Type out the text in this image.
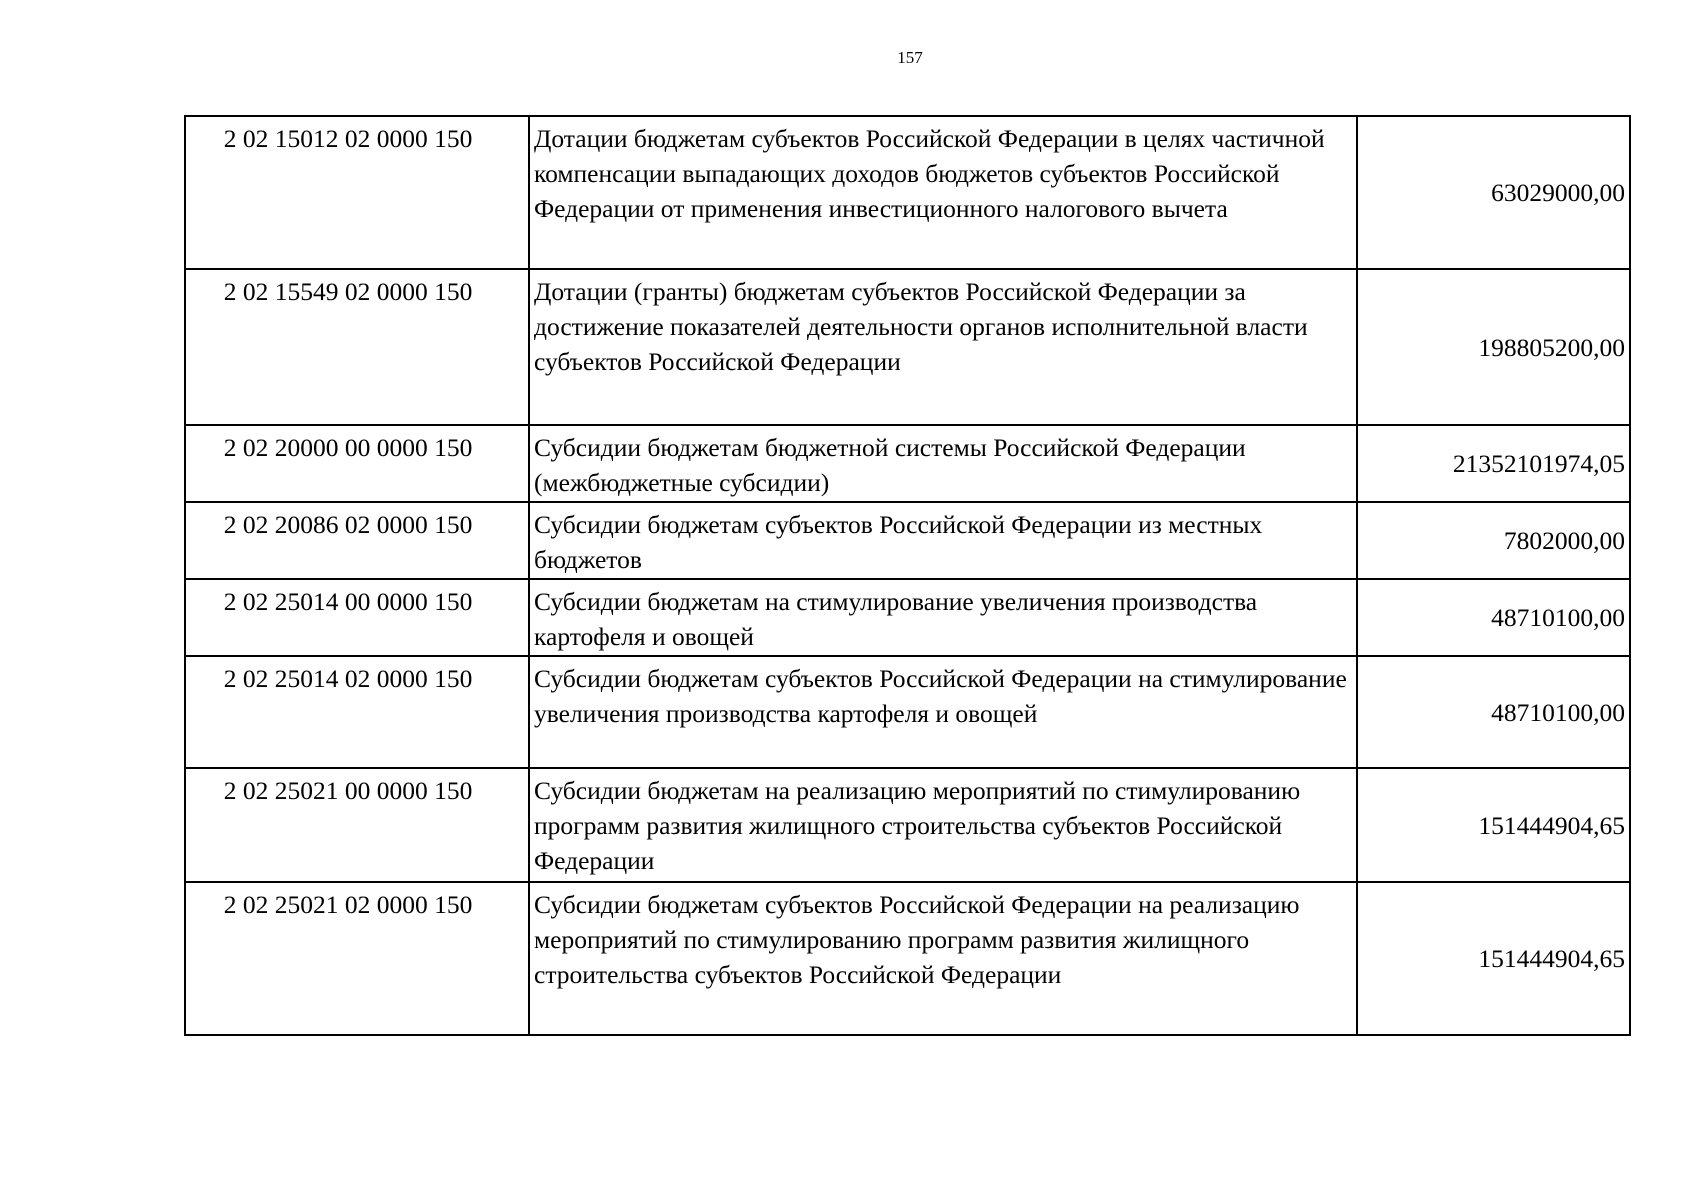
157
2 02 15012 02 0000 150	Дотации бюджетам субъектов Российской Федерации в целях частичной компенсации выпадающих доходов бюджетов субъектов Российской Федерации от применения инвестиционного налогового вычета	63029000,00
2 02 15549 02 0000 150	Дотации (гранты) бюджетам субъектов Российской Федерации за достижение показателей деятельности органов исполнительной власти субъектов Российской Федерации	198805200,00
2 02 20000 00 0000 150	Субсидии бюджетам бюджетной системы Российской Федерации (межбюджетные субсидии)	21352101974,05
2 02 20086 02 0000 150	Субсидии бюджетам субъектов Российской Федерации из местных бюджетов	7802000,00
2 02 25014 00 0000 150	Субсидии бюджетам на стимулирование увеличения производства картофеля и овощей	48710100,00
2 02 25014 02 0000 150	Субсидии бюджетам субъектов Российской Федерации на стимулирование увеличения производства картофеля и овощей	48710100,00
2 02 25021 00 0000 150	Субсидии бюджетам на реализацию мероприятий по стимулированию программ развития жилищного строительства субъектов Российской Федерации	151444904,65
2 02 25021 02 0000 150	Субсидии бюджетам субъектов Российской Федерации на реализацию мероприятий по стимулированию программ развития жилищного строительства субъектов Российской Федерации	151444904,65
